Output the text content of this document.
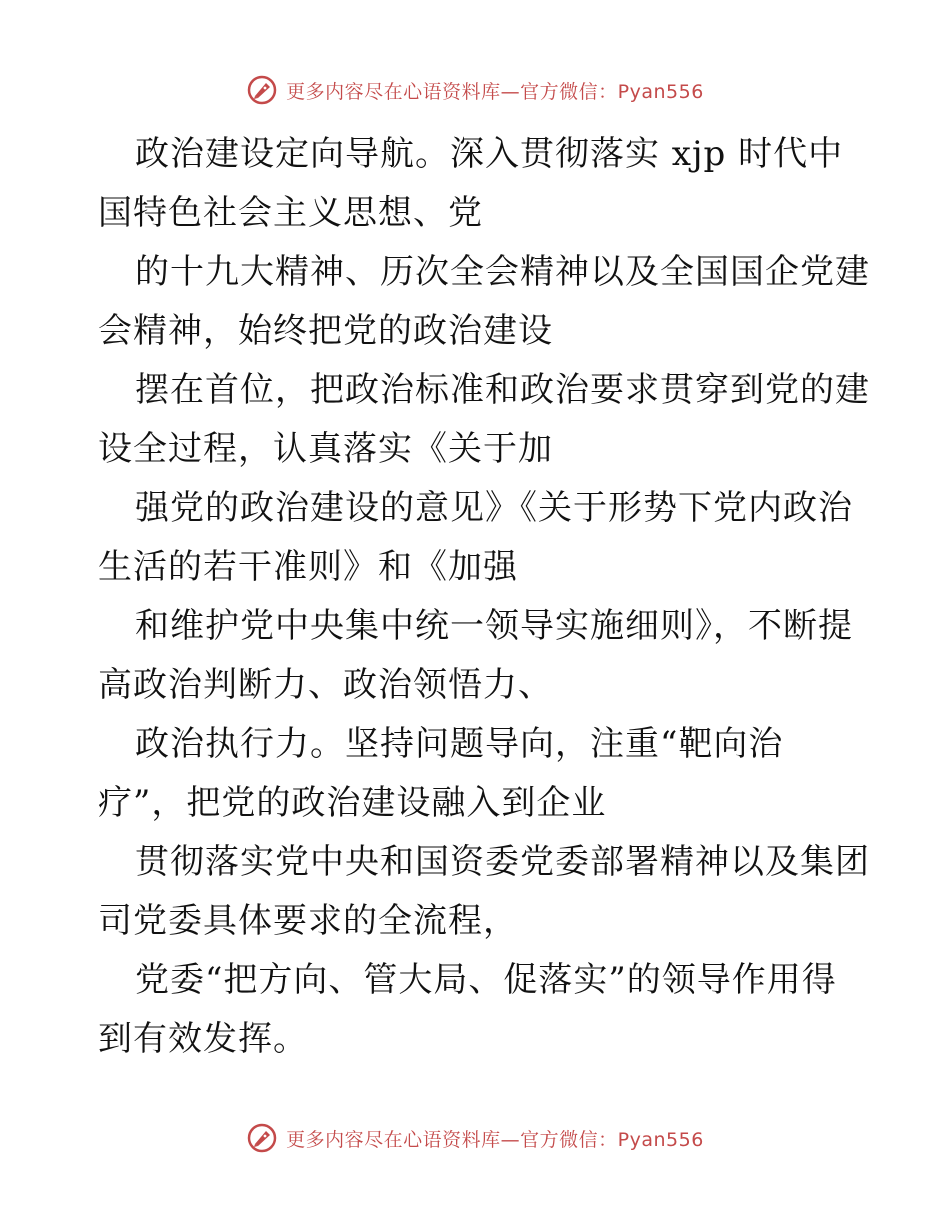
更多内容尽在心语资料库—官方微信：Pyan556
政治建设定向导航。深入贯彻落实 xjp 时代中
国特色社会主义思想、党
的十九大精神、历次全会精神以及全国国企党建
会精神，始终把党的政治建设
摆在首位，把政治标准和政治要求贯穿到党的建
设全过程，认真落实《关于加
强党的政治建设的意见》《关于形势下党内政治
生活的若干准则》和《加强
和维护党中央集中统一领导实施细则》，不断提
高政治判断力、政治领悟力、
政治执行力。坚持问题导向，注重“靶向治
疗”，把党的政治建设融入到企业
贯彻落实党中央和国资委党委部署精神以及集团
司党委具体要求的全流程，
党委“把方向、管大局、促落实”的领导作用得
到有效发挥。
更多内容尽在心语资料库—官方微信：Pyan556
